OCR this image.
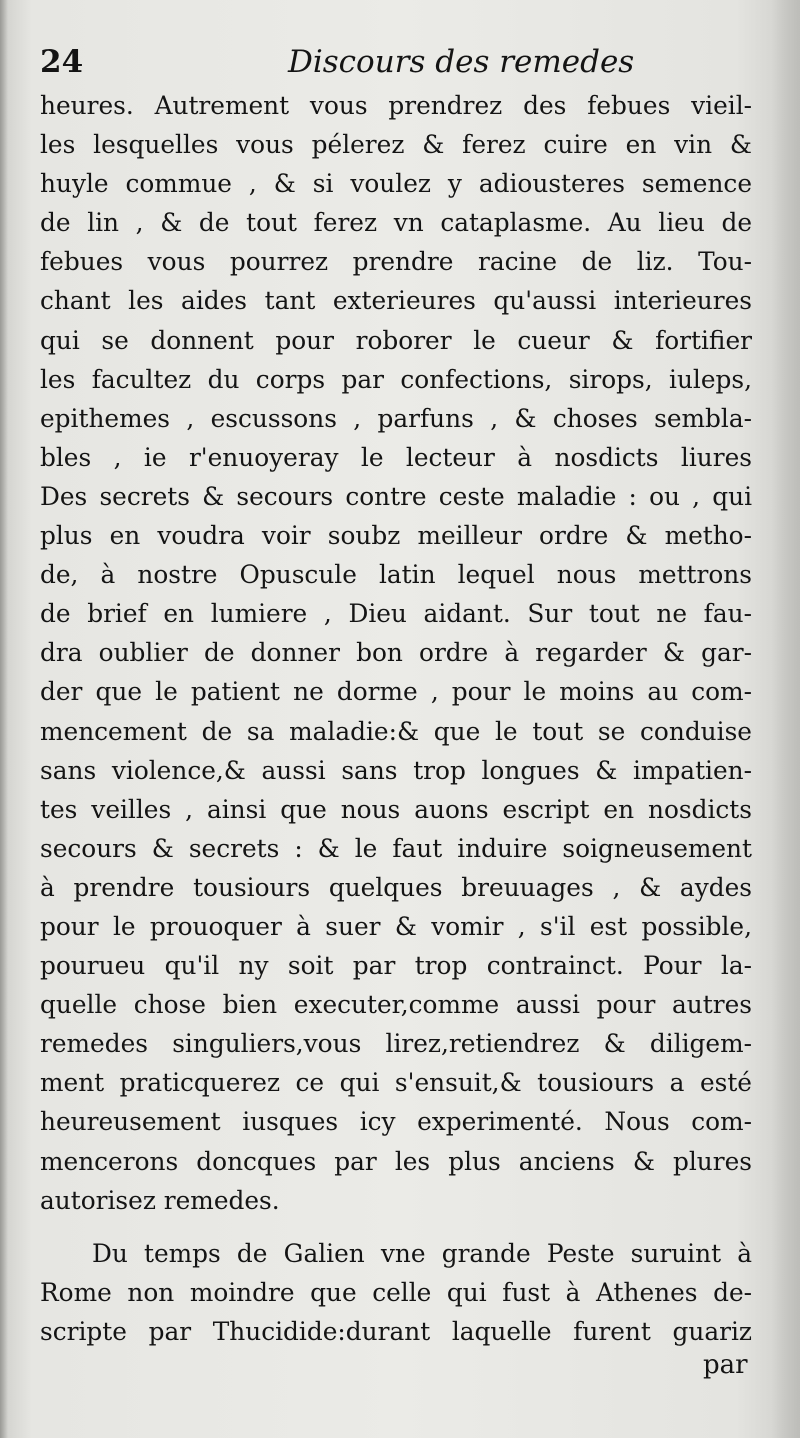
24	Discours des remedes
heures. Autrement vous prendrez des febues vieil-
les lesquelles vous pélerez & ferez cuire en vin &
huyle commue , & si voulez y adiousteres semence
de lin , & de tout ferez vn cataplasme. Au lieu de
febues vous pourrez prendre racine de liz. Tou-
chant les aides tant exterieures qu'aussi interieures
qui se donnent pour roborer le cueur & fortifier
les facultez du corps par confections, sirops, iuleps,
epithemes , escussons , parfuns , & choses sembla-
bles , ie r'enuoyeray le lecteur à nosdicts liures
Des secrets & secours contre ceste maladie : ou , qui
plus en voudra voir soubz meilleur ordre & metho-
de, à nostre Opuscule latin lequel nous mettrons
de brief en lumiere , Dieu aidant. Sur tout ne fau-
dra oublier de donner bon ordre à regarder & gar-
der que le patient ne dorme , pour le moins au com-
mencement de sa maladie:& que le tout se conduise
sans violence,& aussi sans trop longues & impatien-
tes veilles , ainsi que nous auons escript en nosdicts
secours & secrets : & le faut induire soigneusement
à prendre tousiours quelques breuuages , & aydes
pour le prouoquer à suer & vomir , s'il est possible,
pourueu qu'il ny soit par trop contrainct. Pour la-
quelle chose bien executer,comme aussi pour autres
remedes singuliers,vous lirez,retiendrez & diligem-
ment praticquerez ce qui s'ensuit,& tousiours a esté
heureusement iusques icy experimenté. Nous com-
mencerons doncques par les plus anciens & plures
autorisez remedes.
Du temps de Galien vne grande Peste suruint à
Rome non moindre que celle qui fust à Athenes de-
scripte par Thucidide:durant laquelle furent guariz
par
